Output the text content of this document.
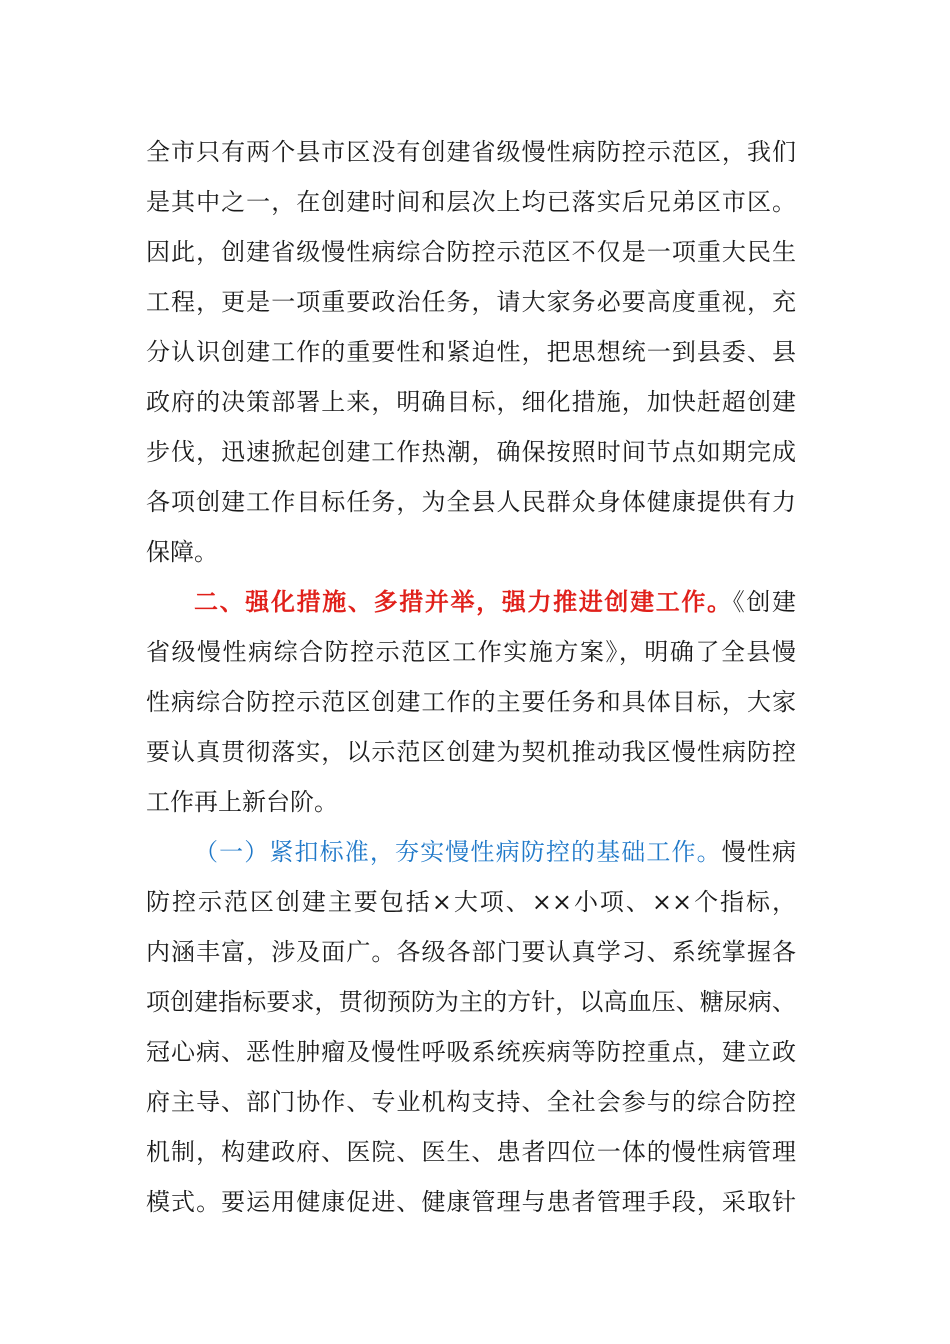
全市只有两个县市区没有创建省级慢性病防控示范区，我们
是其中之一，在创建时间和层次上均已落实后兄弟区市区。
因此，创建省级慢性病综合防控示范区不仅是一项重大民生
工程，更是一项重要政治任务，请大家务必要高度重视，充
分认识创建工作的重要性和紧迫性，把思想统一到县委、县
政府的决策部署上来，明确目标，细化措施，加快赶超创建
步伐，迅速掀起创建工作热潮，确保按照时间节点如期完成
各项创建工作目标任务，为全县人民群众身体健康提供有力
保障。
二、强化措施、多措并举，强力推进创建工作。《创建
省级慢性病综合防控示范区工作实施方案》，明确了全县慢
性病综合防控示范区创建工作的主要任务和具体目标，大家
要认真贯彻落实，以示范区创建为契机推动我区慢性病防控
工作再上新台阶。
（一）紧扣标准，夯实慢性病防控的基础工作。慢性病
防控示范区创建主要包括×大项、××小项、××个指标，
内涵丰富，涉及面广。各级各部门要认真学习、系统掌握各
项创建指标要求，贯彻预防为主的方针，以高血压、糖尿病、
冠心病、恶性肿瘤及慢性呼吸系统疾病等防控重点，建立政
府主导、部门协作、专业机构支持、全社会参与的综合防控
机制，构建政府、医院、医生、患者四位一体的慢性病管理
模式。要运用健康促进、健康管理与患者管理手段，采取针
